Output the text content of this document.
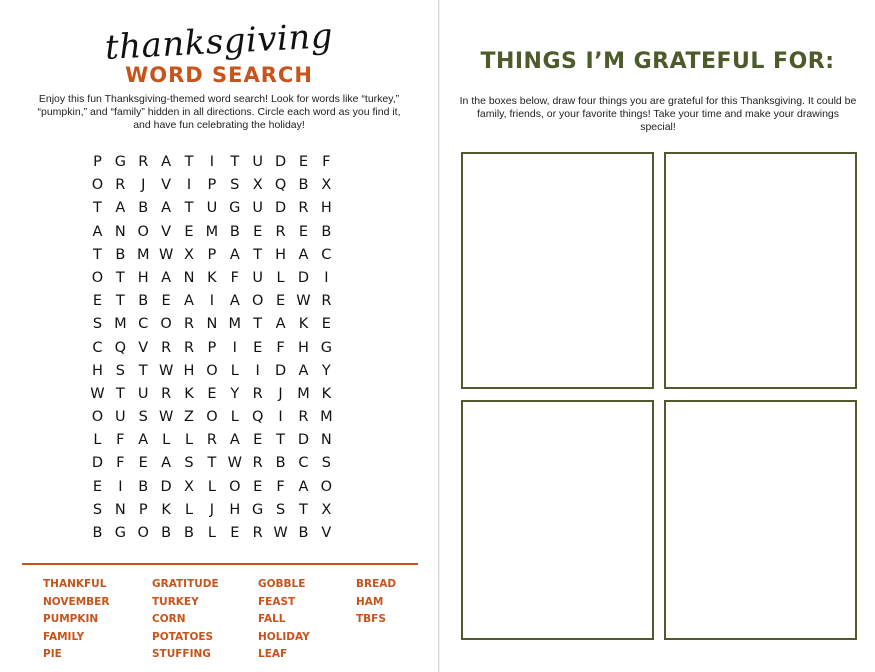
thanksgiving
WORD SEARCH
Enjoy this fun Thanksgiving-themed word search! Look for words like “turkey,” “pumpkin,” and “family” hidden in all directions. Circle each word as you find it, and have fun celebrating the holiday!
P G R A T	I	T U D E F
O R	J	V	I	P S X Q B X
T A B A T U G U D R H
A N O V E M B E R E B
T B M W X P A T H A C
O T H A N K F U L D	I
E T B E A	I	A O E W R
S M C O R N M T A K E
C Q V R R P	I	E F H G
H S T W H O L	I	D A Y
W T U R K E Y R	J	M K
O U S W Z O L Q	I	R M
L	F A L	L R A E T D N
D F E A S T W R B C S
E	I	B D X L O E F A O
S N P K L	J	H G S T X
B G O B B L E R W B V
THANKFUL
NOVEMBER
PUMPKIN
FAMILY
PIE
GRATITUDE
TURKEY
CORN
POTATOES
STUFFING
GOBBLE
FEAST
FALL
HOLIDAY
LEAF
BREAD
HAM
TBFS
THINGS I’M GRATEFUL FOR:
In the boxes below, draw four things you are grateful for this Thanksgiving. It could be family, friends, or your favorite things! Take your time and make your drawings special!
